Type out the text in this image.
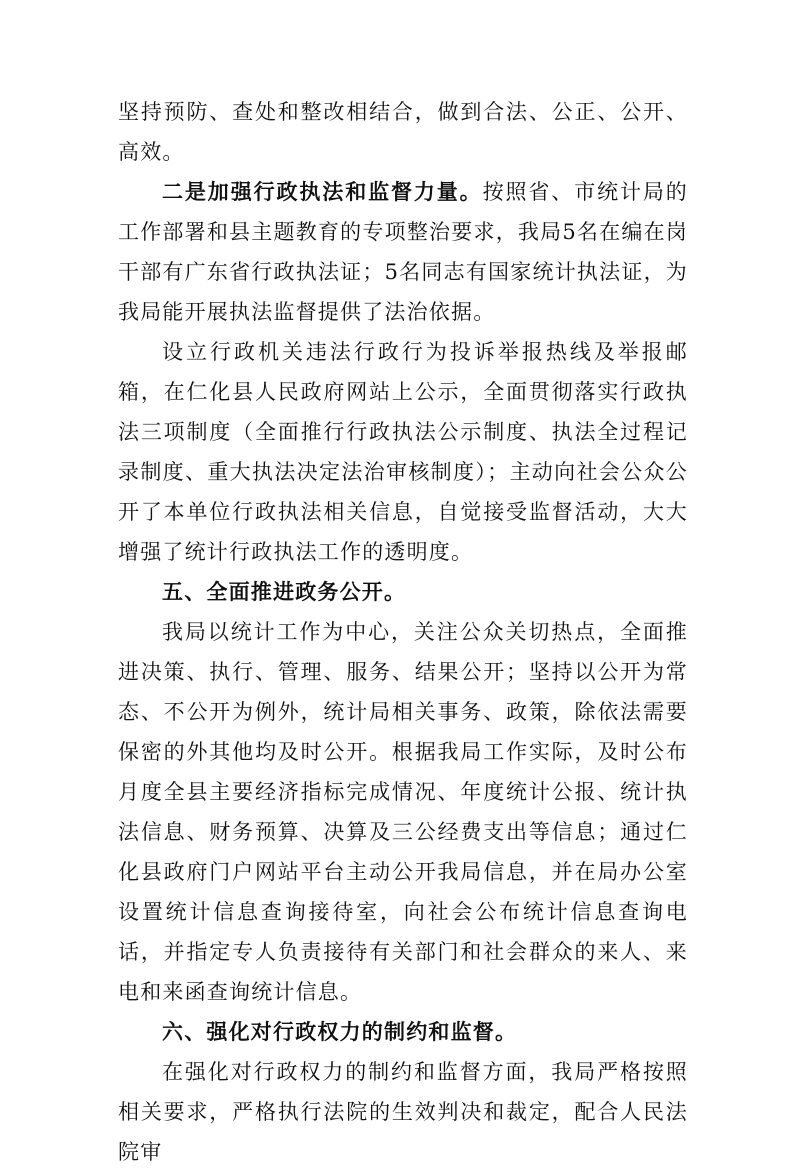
坚持预防、查处和整改相结合，做到合法、公正、公开、高效。

二是加强行政执法和监督力量。按照省、市统计局的工作部署和县主题教育的专项整治要求，我局5名在编在岗干部有广东省行政执法证；5名同志有国家统计执法证，为我局能开展执法监督提供了法治依据。

设立行政机关违法行政行为投诉举报热线及举报邮箱，在仁化县人民政府网站上公示，全面贯彻落实行政执法三项制度（全面推行行政执法公示制度、执法全过程记录制度、重大执法决定法治审核制度）；主动向社会公众公开了本单位行政执法相关信息，自觉接受监督活动，大大增强了统计行政执法工作的透明度。

五、全面推进政务公开。

我局以统计工作为中心，关注公众关切热点，全面推进决策、执行、管理、服务、结果公开；坚持以公开为常态、不公开为例外，统计局相关事务、政策，除依法需要保密的外其他均及时公开。根据我局工作实际，及时公布月度全县主要经济指标完成情况、年度统计公报、统计执法信息、财务预算、决算及三公经费支出等信息；通过仁化县政府门户网站平台主动公开我局信息，并在局办公室设置统计信息查询接待室，向社会公布统计信息查询电话，并指定专人负责接待有关部门和社会群众的来人、来电和来函查询统计信息。

六、强化对行政权力的制约和监督。

在强化对行政权力的制约和监督方面，我局严格按照相关要求，严格执行法院的生效判决和裁定，配合人民法院审
